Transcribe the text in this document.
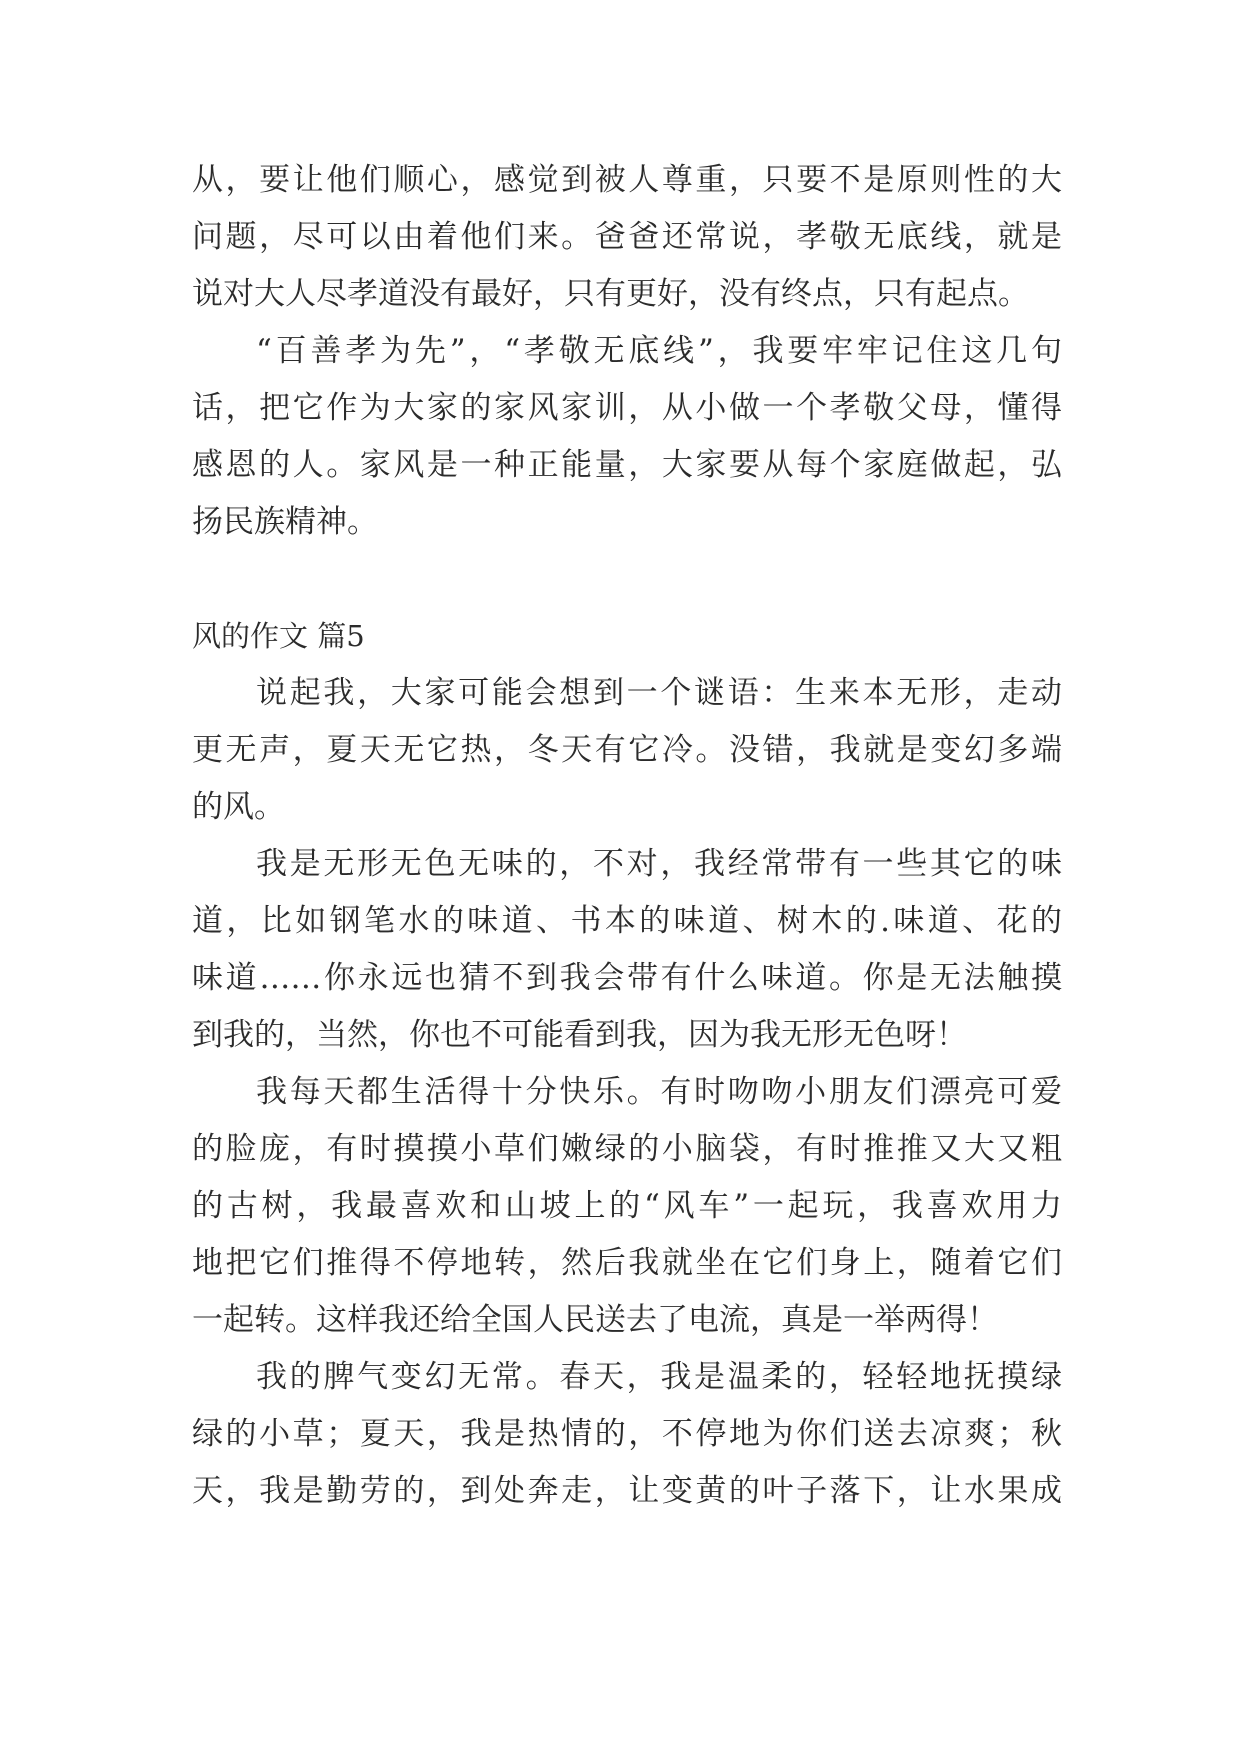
从，要让他们顺心，感觉到被人尊重，只要不是原则性的大
问题，尽可以由着他们来。爸爸还常说，孝敬无底线，就是
说对大人尽孝道没有最好，只有更好，没有终点，只有起点。
“百善孝为先”，“孝敬无底线”，我要牢牢记住这几句
话，把它作为大家的家风家训，从小做一个孝敬父母，懂得
感恩的人。家风是一种正能量，大家要从每个家庭做起，弘
扬民族精神。
风的作文 篇5
说起我，大家可能会想到一个谜语：生来本无形，走动
更无声，夏天无它热，冬天有它冷。没错，我就是变幻多端
的风。
我是无形无色无味的，不对，我经常带有一些其它的味
道，比如钢笔水的味道、书本的味道、树木的.味道、花的
味道……你永远也猜不到我会带有什么味道。你是无法触摸
到我的，当然，你也不可能看到我，因为我无形无色呀！
我每天都生活得十分快乐。有时吻吻小朋友们漂亮可爱
的脸庞，有时摸摸小草们嫩绿的小脑袋，有时推推又大又粗
的古树，我最喜欢和山坡上的“风车”一起玩，我喜欢用力
地把它们推得不停地转，然后我就坐在它们身上，随着它们
一起转。这样我还给全国人民送去了电流，真是一举两得！
我的脾气变幻无常。春天，我是温柔的，轻轻地抚摸绿
绿的小草；夏天，我是热情的，不停地为你们送去凉爽；秋
天，我是勤劳的，到处奔走，让变黄的叶子落下，让水果成
